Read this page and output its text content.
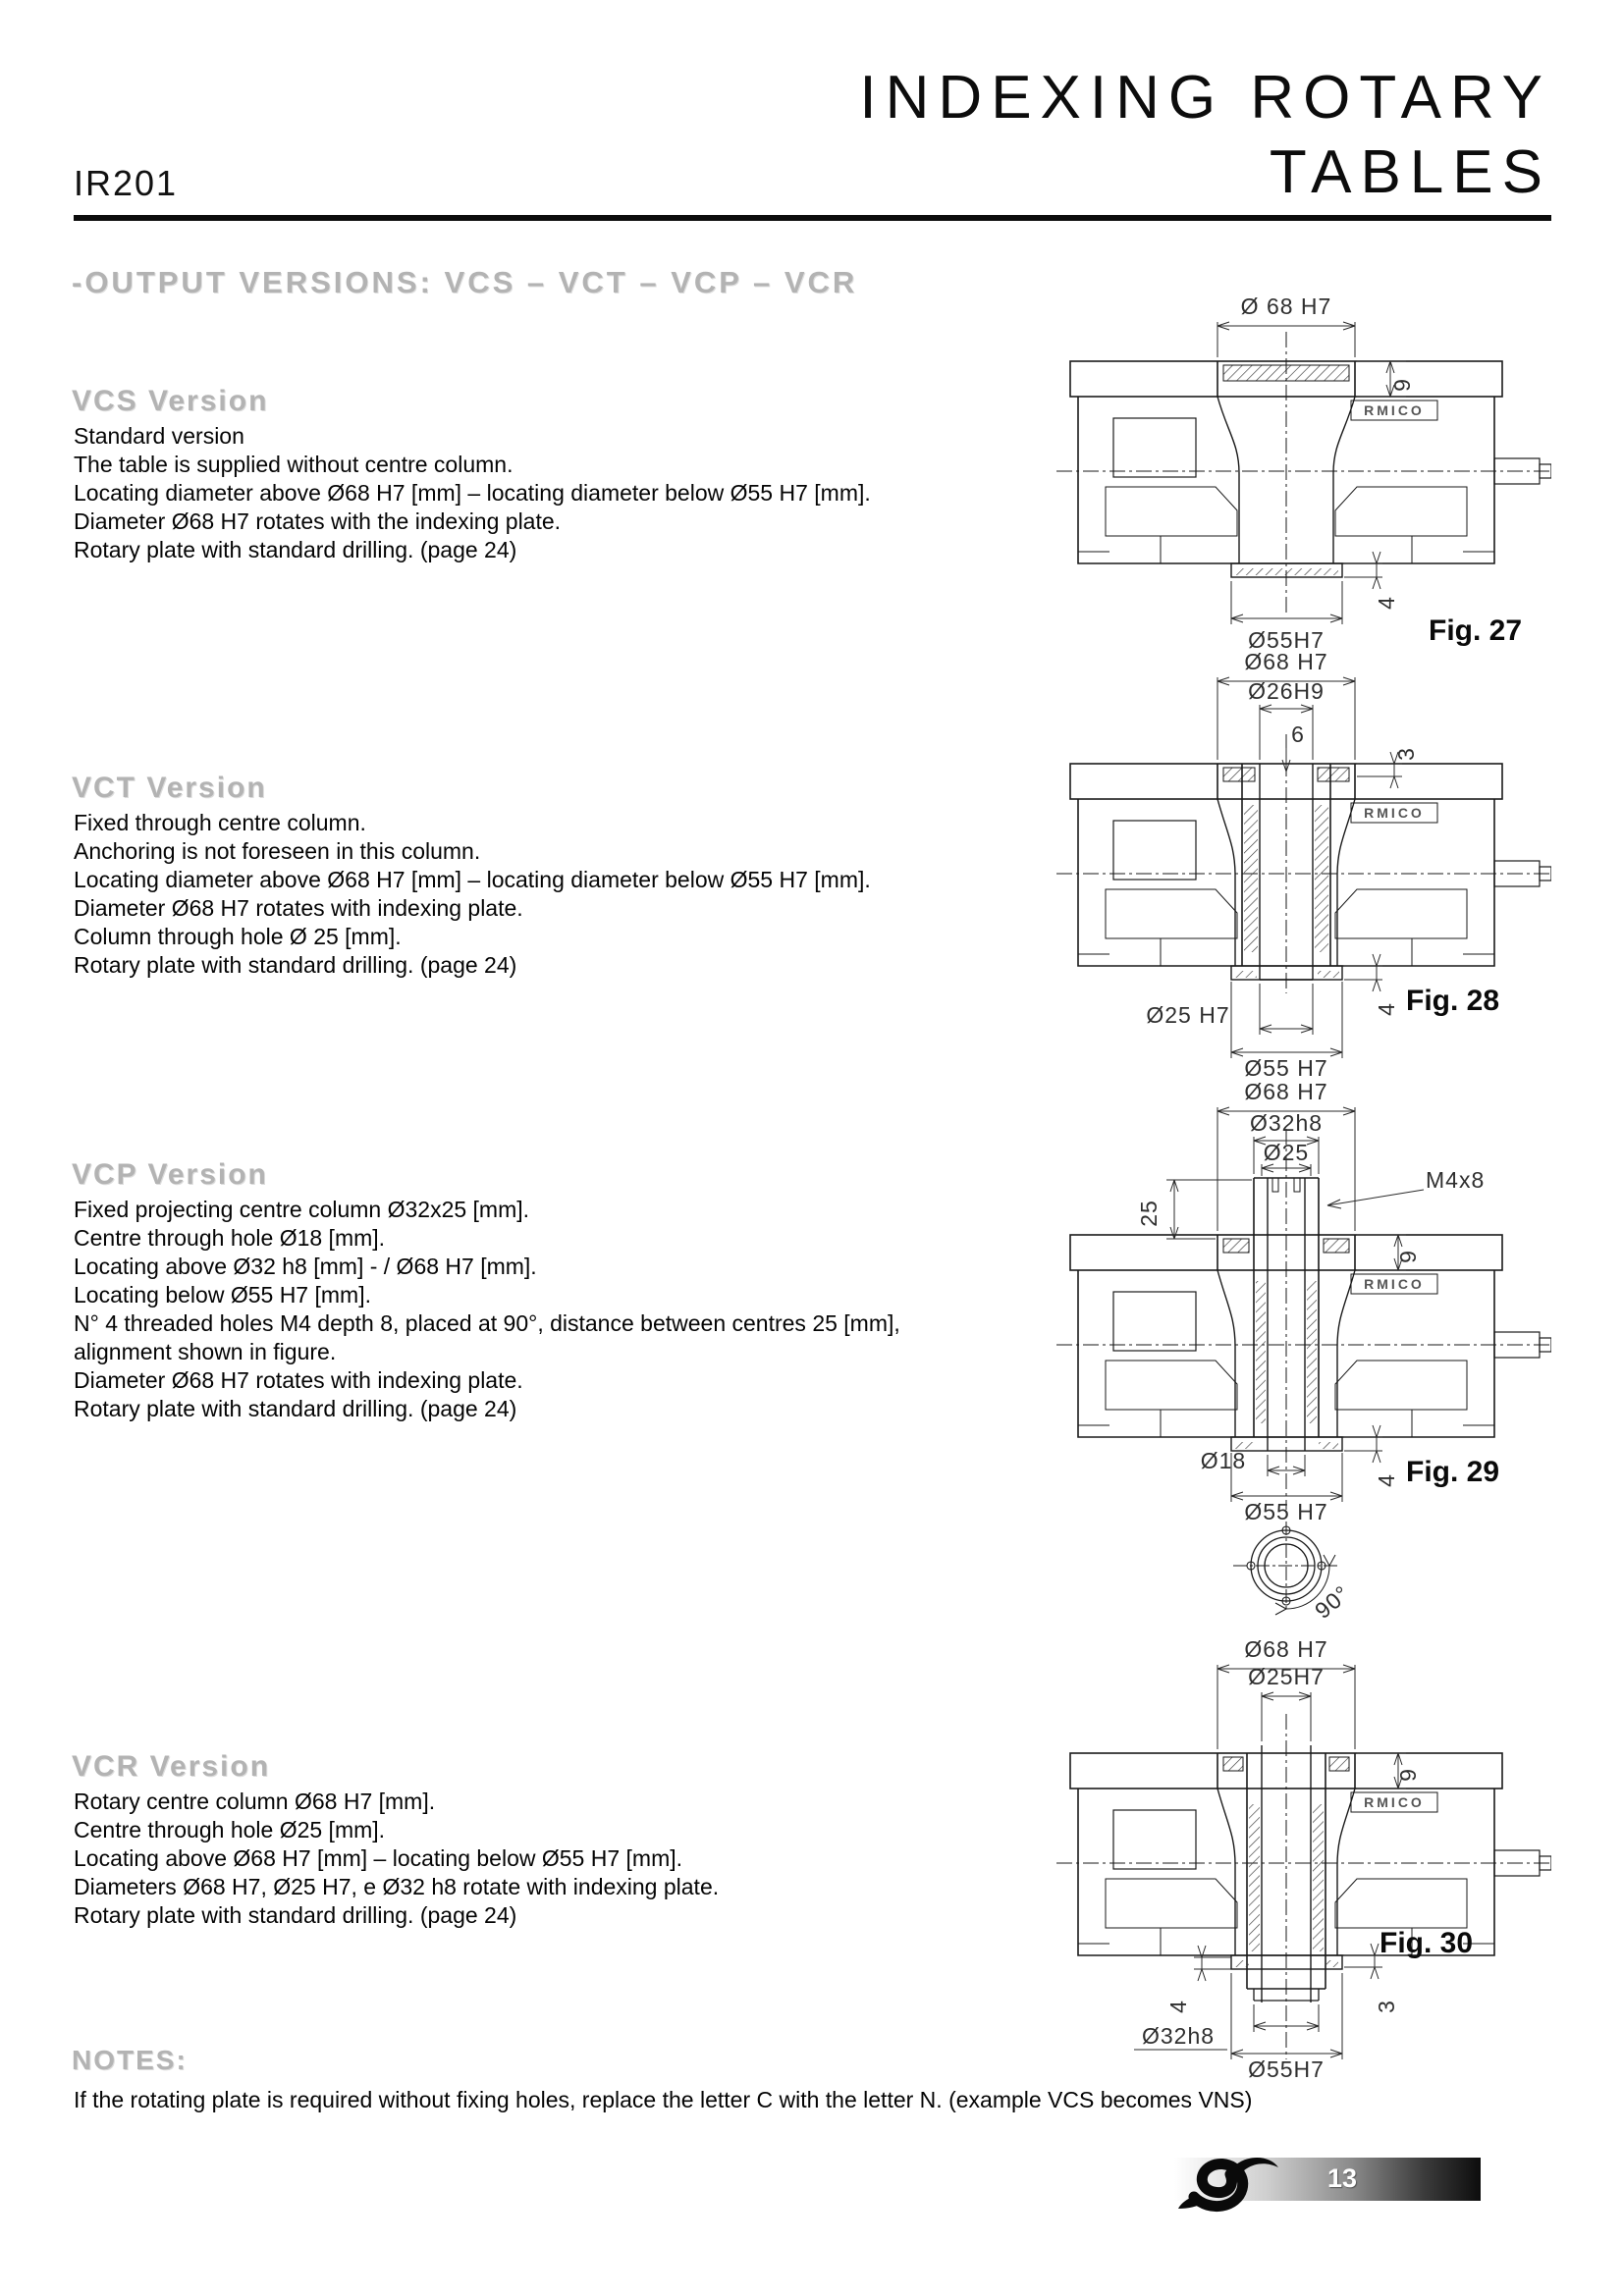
IR201
INDEXING ROTARY
TABLES
-OUTPUT VERSIONS: VCS – VCT – VCP – VCR
VCS Version
Standard version
The table is supplied without centre column.
Locating diameter above Ø68 H7 [mm] – locating diameter below Ø55 H7 [mm].
Diameter Ø68 H7 rotates with the indexing plate.
Rotary plate with standard drilling. (page 24)
VCT Version
Fixed through centre column.
Anchoring is not foreseen in this column.
Locating diameter above Ø68 H7 [mm] – locating diameter below Ø55 H7 [mm].
Diameter Ø68 H7 rotates with indexing plate.
Column through hole Ø 25 [mm].
Rotary plate with standard drilling. (page 24)
VCP Version
Fixed projecting centre column Ø32x25 [mm].
Centre through hole Ø18 [mm].
Locating above Ø32 h8 [mm] - / Ø68 H7 [mm].
Locating below Ø55 H7 [mm].
N° 4 threaded holes M4 depth 8, placed at 90°, distance between centres 25 [mm],
alignment shown in figure.
Diameter Ø68 H7 rotates with indexing plate.
Rotary plate with standard drilling. (page 24)
VCR Version
Rotary centre column Ø68 H7 [mm].
Centre through hole Ø25 [mm].
Locating above Ø68 H7 [mm] – locating below Ø55 H7 [mm].
Diameters Ø68 H7, Ø25 H7, e Ø32 h8 rotate with indexing plate.
Rotary plate with standard drilling. (page 24)
NOTES:
If the rotating plate is required without fixing holes, replace the letter C with the letter N. (example VCS becomes VNS)
RMICO
Ø 68 H7
9
Ø55H7
4
Fig. 27
RMICO
Ø68 H7
Ø26H9
6
3
Ø25 H7
Ø55 H7
4 Fig. 28
RMICO
Ø68 H7
Ø32h8
Ø25
M4x8
25
9
Ø18
Ø55 H7
4
90°
Fig. 29
RMICO
Ø68 H7
Ø25H7
9
4	3
Ø32h8
Ø55H7
Fig. 30
13
